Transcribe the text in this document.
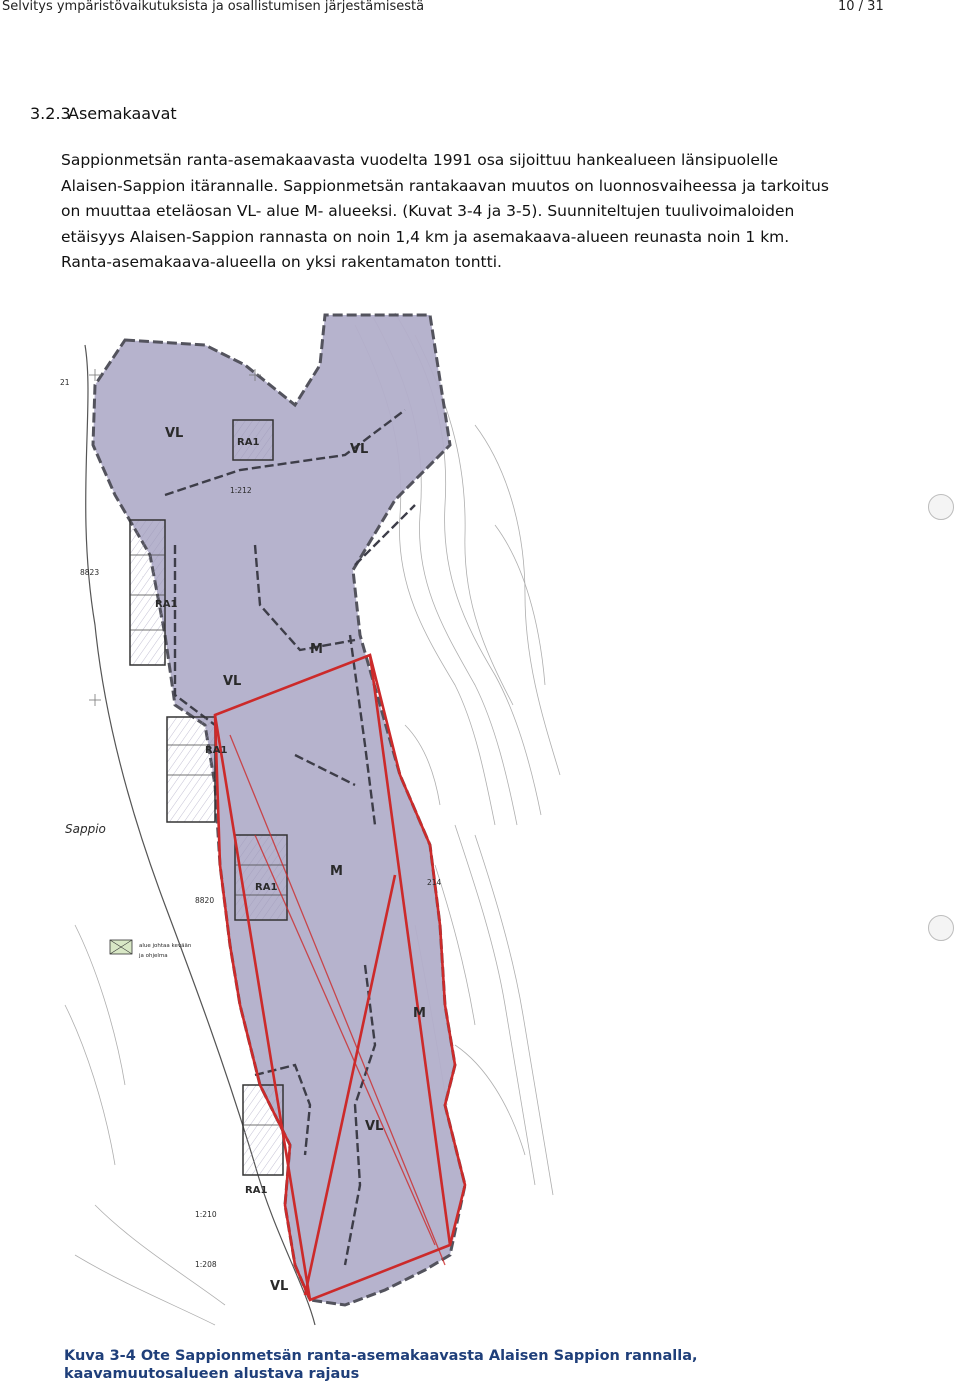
Selvitys ympäristövaikutuksista ja osallistumisen järjestämisestä	10 / 31
3.2.3Asemakaavat

Sappionmetsän ranta-asemakaavasta vuodelta 1991 osa sijoittuu hankealueen länsipuolelle Alaisen-Sappion itärannalle. Sappionmetsän rantakaavan muutos on luonnosvaiheessa ja tarkoitus on muuttaa eteläosan VL- alue M- alueeksi. (Kuvat 3-4 ja 3-5). Suunniteltujen tuulivoimaloiden etäisyys Alaisen-Sappion rannasta on noin 1,4 km ja asemakaava-alueen reunasta noin 1 km. Ranta-asemakaava-alueella on yksi rakentamaton tontti.

VL
VL
VL
VL
VL
M
M
M
RA1
RA1
RA1
RA1
RA1
Sappio
1:212
1:210
1:208
8823
8820
214
21
alue johtaa kevään
ja ohjelma
Kuva 3-4 Ote Sappionmetsän ranta-asemakaavasta Alaisen Sappion rannalla, kaavamuutosalueen alustava rajaus
